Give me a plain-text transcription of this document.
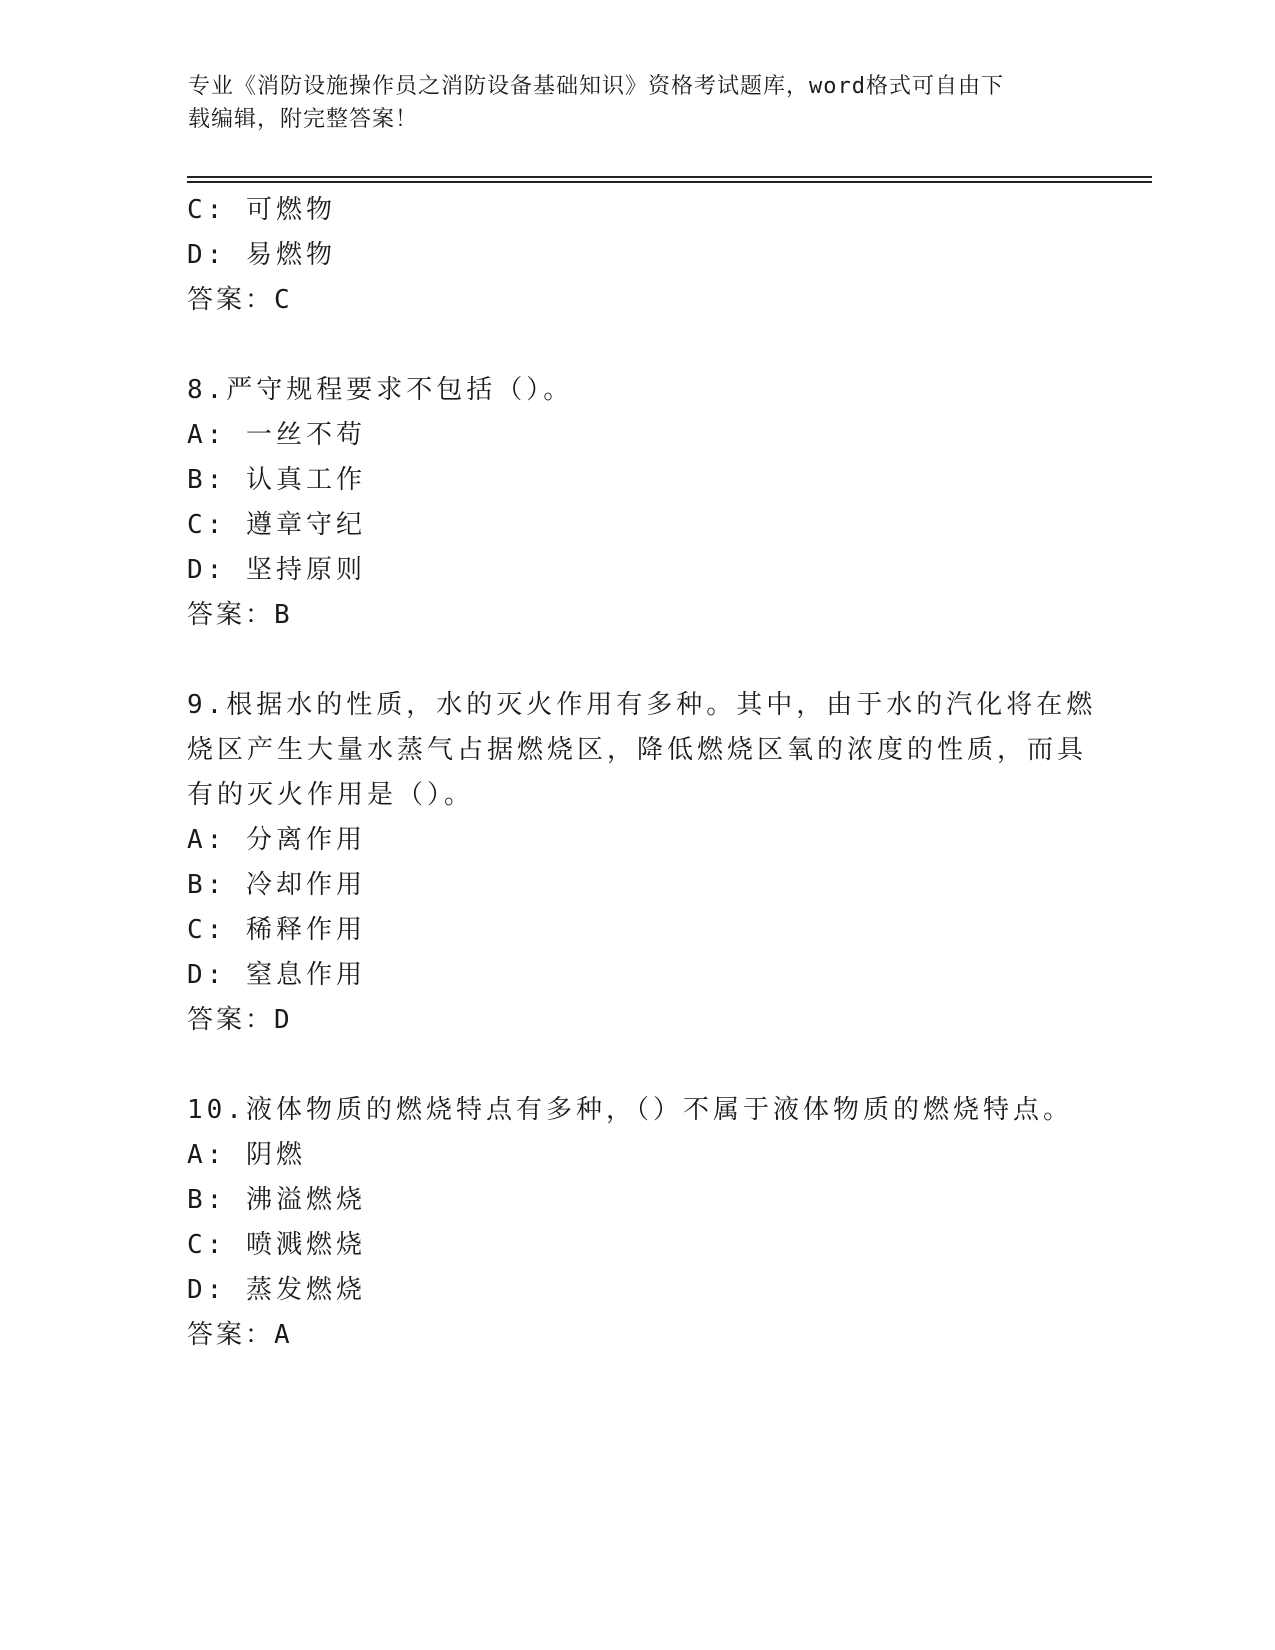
专业《消防设施操作员之消防设备基础知识》资格考试题库，word格式可自由下
载编辑，附完整答案！
C: 可燃物
D: 易燃物
答案：C
8.严守规程要求不包括（）。
A: 一丝不苟
B: 认真工作
C: 遵章守纪
D: 坚持原则
答案：B
9.根据水的性质，水的灭火作用有多种。其中，由于水的汽化将在燃
烧区产生大量水蒸气占据燃烧区，降低燃烧区氧的浓度的性质，而具
有的灭火作用是（）。
A: 分离作用
B: 冷却作用
C: 稀释作用
D: 窒息作用
答案：D
10.液体物质的燃烧特点有多种，（）不属于液体物质的燃烧特点。
A: 阴燃
B: 沸溢燃烧
C: 喷溅燃烧
D: 蒸发燃烧
答案：A
